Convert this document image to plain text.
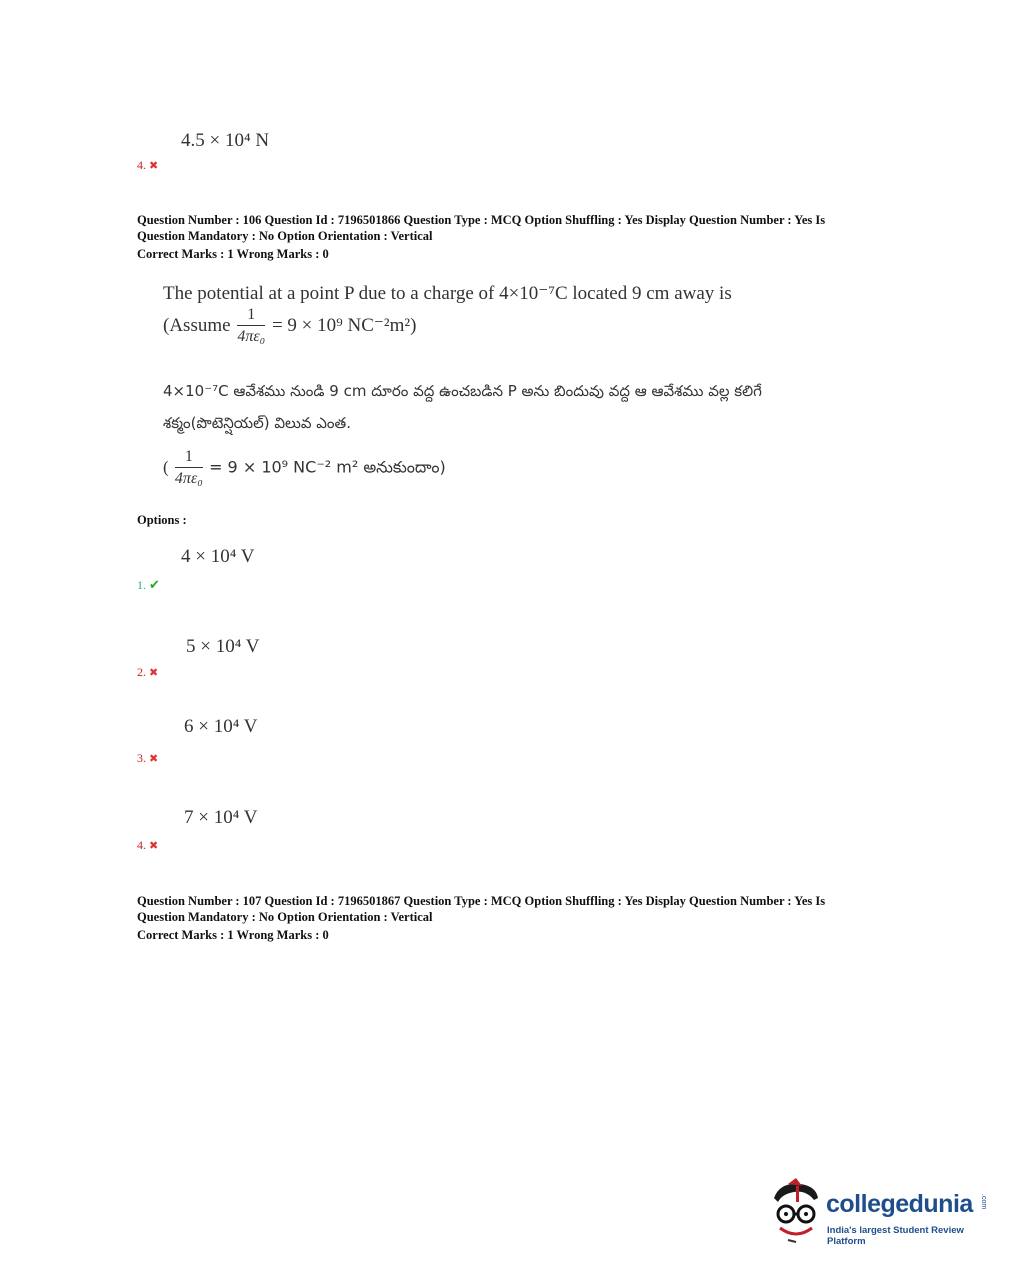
4.5 × 10⁴ N
4. ✖
Question Number : 106 Question Id : 7196501866 Question Type : MCQ Option Shuffling : Yes Display Question Number : Yes Is
Question Mandatory : No Option Orientation : Vertical
Correct Marks : 1 Wrong Marks : 0
The potential at a point P due to a charge of 4×10⁻⁷C located 9 cm away is
(Assume $\frac{1}{\text{4πε₀}} = 9 \times 10^9$ NC⁻²m²)
4×10⁻⁷C ఆవేశము నుండి 9 cm దూరం వద్ద ఉంచబడిన P అను బిందువు వద్ద ఆ ఆవేశము వల్ల కలిగే
శక్మం(పొటెన్షియల్) విలువ ఎంత.
( $\frac{1}{\text{4πε₀}} = 9 \times 10^9$ NC⁻² m² అనుకుందాం)
Options :
4 × 10⁴ V
1. ✔
5 × 10⁴ V
2. ✖
6 × 10⁴ V
3. ✖
7 × 10⁴ V
4. ✖
Question Number : 107 Question Id : 7196501867 Question Type : MCQ Option Shuffling : Yes Display Question Number : Yes Is
Question Mandatory : No Option Orientation : Vertical
Correct Marks : 1 Wrong Marks : 0
collegedunia .com
India's largest Student Review Platform
